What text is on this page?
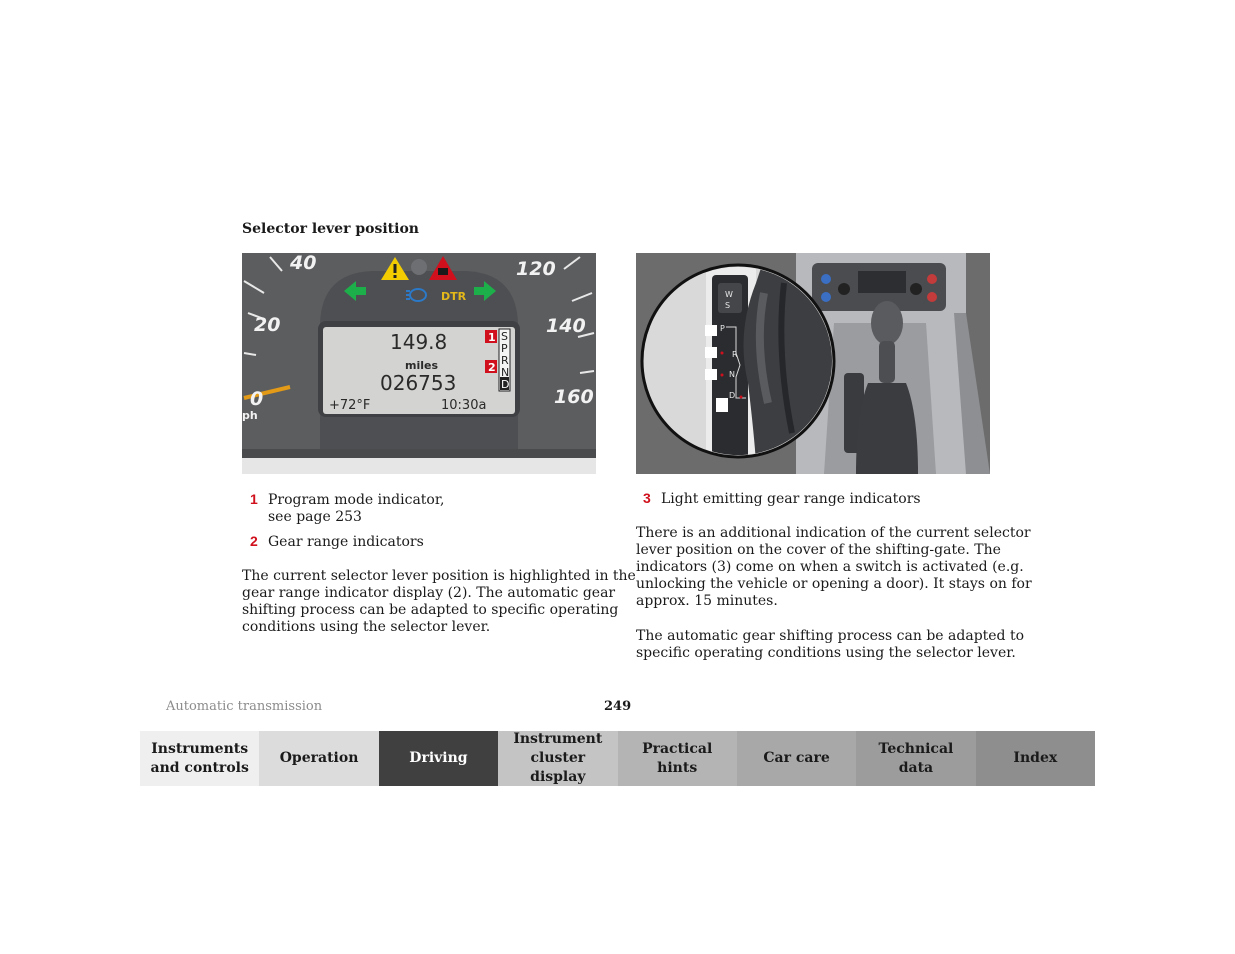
Selector lever position
40
20
0
ph
120
140
160
DTR
149.8
miles
026753
+72°F	10:30a
S
P
R
N
D
1
2
W
S
P
R
N
D
1 Program mode indicator,
see page 253
2 Gear range indicators
The current selector lever position is highlighted in the
gear range indicator display (2). The automatic gear
shifting process can be adapted to specific operating
conditions using the selector lever.
3 Light emitting gear range indicators
There is an additional indication of the current selector
lever position on the cover of the shifting-gate. The
indicators (3) come on when a switch is activated (e.g.
unlocking the vehicle or opening a door). It stays on for
approx. 15 minutes.
The automatic gear shifting process can be adapted to
specific operating conditions using the selector lever.
Automatic transmission	249
Instruments
and controls
Operation	Driving
Instrument
cluster display
Practical hints
Car care
Technical
data
Index
